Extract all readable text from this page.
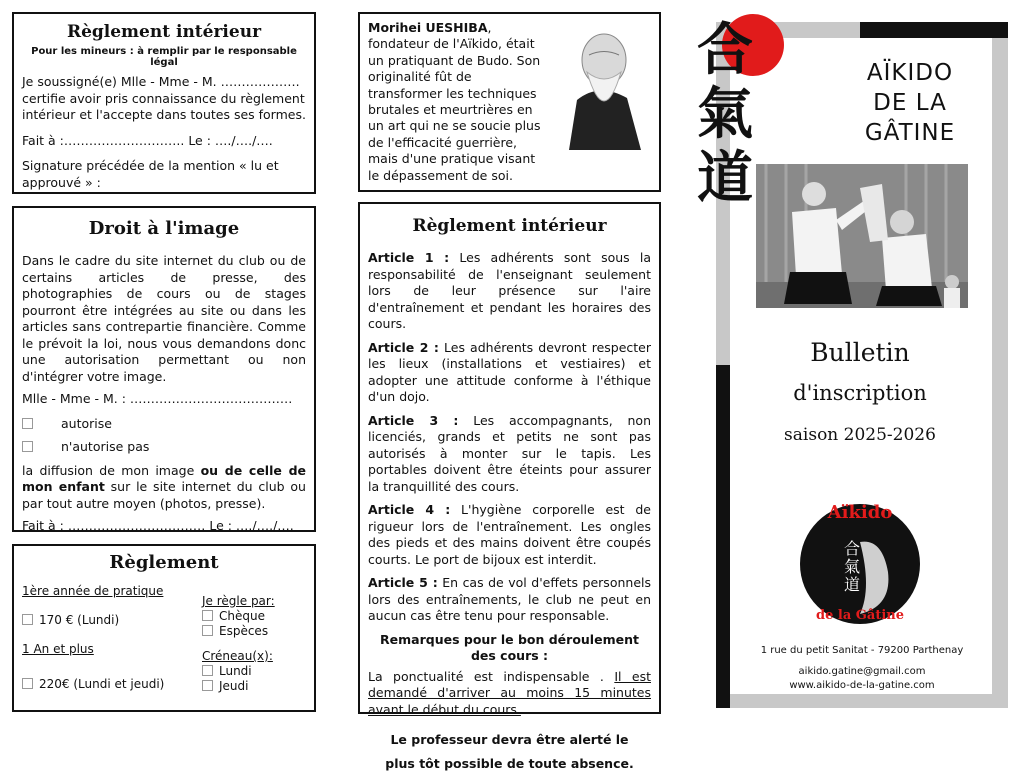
Règlement intérieur
Pour les mineurs : à remplir par le responsable légal

Je soussigné(e) Mlle - Mme - M. ……………….

certifie avoir pris connaissance du règlement intérieur et l'accepte dans toutes ses formes.

Fait à :……………………….. Le : …./…./….

Signature précédée de la mention « lu et approuvé » :

Droit à l'image

Dans le cadre du site internet du club ou de certains articles de presse, des photographies de cours ou de stages pourront être intégrées au site ou dans les articles sans contrepartie financière. Comme le prévoit la loi, nous vous demandons donc une autorisation permettant ou non d'intégrer votre image.

Mlle - Mme - M. : …………………………………

autorise

n'autorise pas

la diffusion de mon image ou de celle de mon enfant sur le site internet du club ou par tout autre moyen (photos, presse).

Fait à : …………………………… Le : …./…./….

Règlement
1ère année de pratique
170 € (Lundi)
1 An et plus
220€ (Lundi et jeudi)
Je règle par:
Chèque
Espèces
Créneau(x):
Lundi
Jeudi
Morihei UESHIBA, fondateur de l'Aïkido, était un pratiquant de Budo. Son originalité fût de transformer les techniques brutales et meurtrières en un art qui ne se soucie plus de l'efficacité guerrière, mais d'une pratique visant le dépassement de soi.
Règlement intérieur

Article 1 : Les adhérents sont sous la responsabilité de l'enseignant seulement lors de leur présence sur l'aire d'entraînement et pendant les horaires des cours.

Article 2 : Les adhérents devront respecter les lieux (installations et vestiaires) et adopter une attitude conforme à l'éthique d'un dojo.

Article 3 : Les accompagnants, non licenciés, grands et petits ne sont pas autorisés à monter sur le tapis. Les portables doivent être éteints pour assurer la tranquillité des cours.

Article 4 : L'hygiène corporelle est de rigueur lors de l'entraînement. Les ongles des pieds et des mains doivent être coupés courts. Le port de bijoux est interdit.

Article 5 : En cas de vol d'effets personnels lors des entraînements, le club ne peut en aucun cas être tenu pour responsable.

Remarques pour le bon déroulement des cours :

La ponctualité est indispensable . Il est demandé d'arriver au moins 15 minutes avant le début du cours.

Le professeur devra être alerté le plus tôt possible de toute absence.

合
氣
道
AÏKIDO
DE LA
GÂTINE
Bulletin
d'inscription
saison 2025-2026
合
氣
道
Aïkido
de la Gâtine
1 rue du petit Sanitat - 79200 Parthenay
aikido.gatine@gmail.com
www.aikido-de-la-gatine.com
